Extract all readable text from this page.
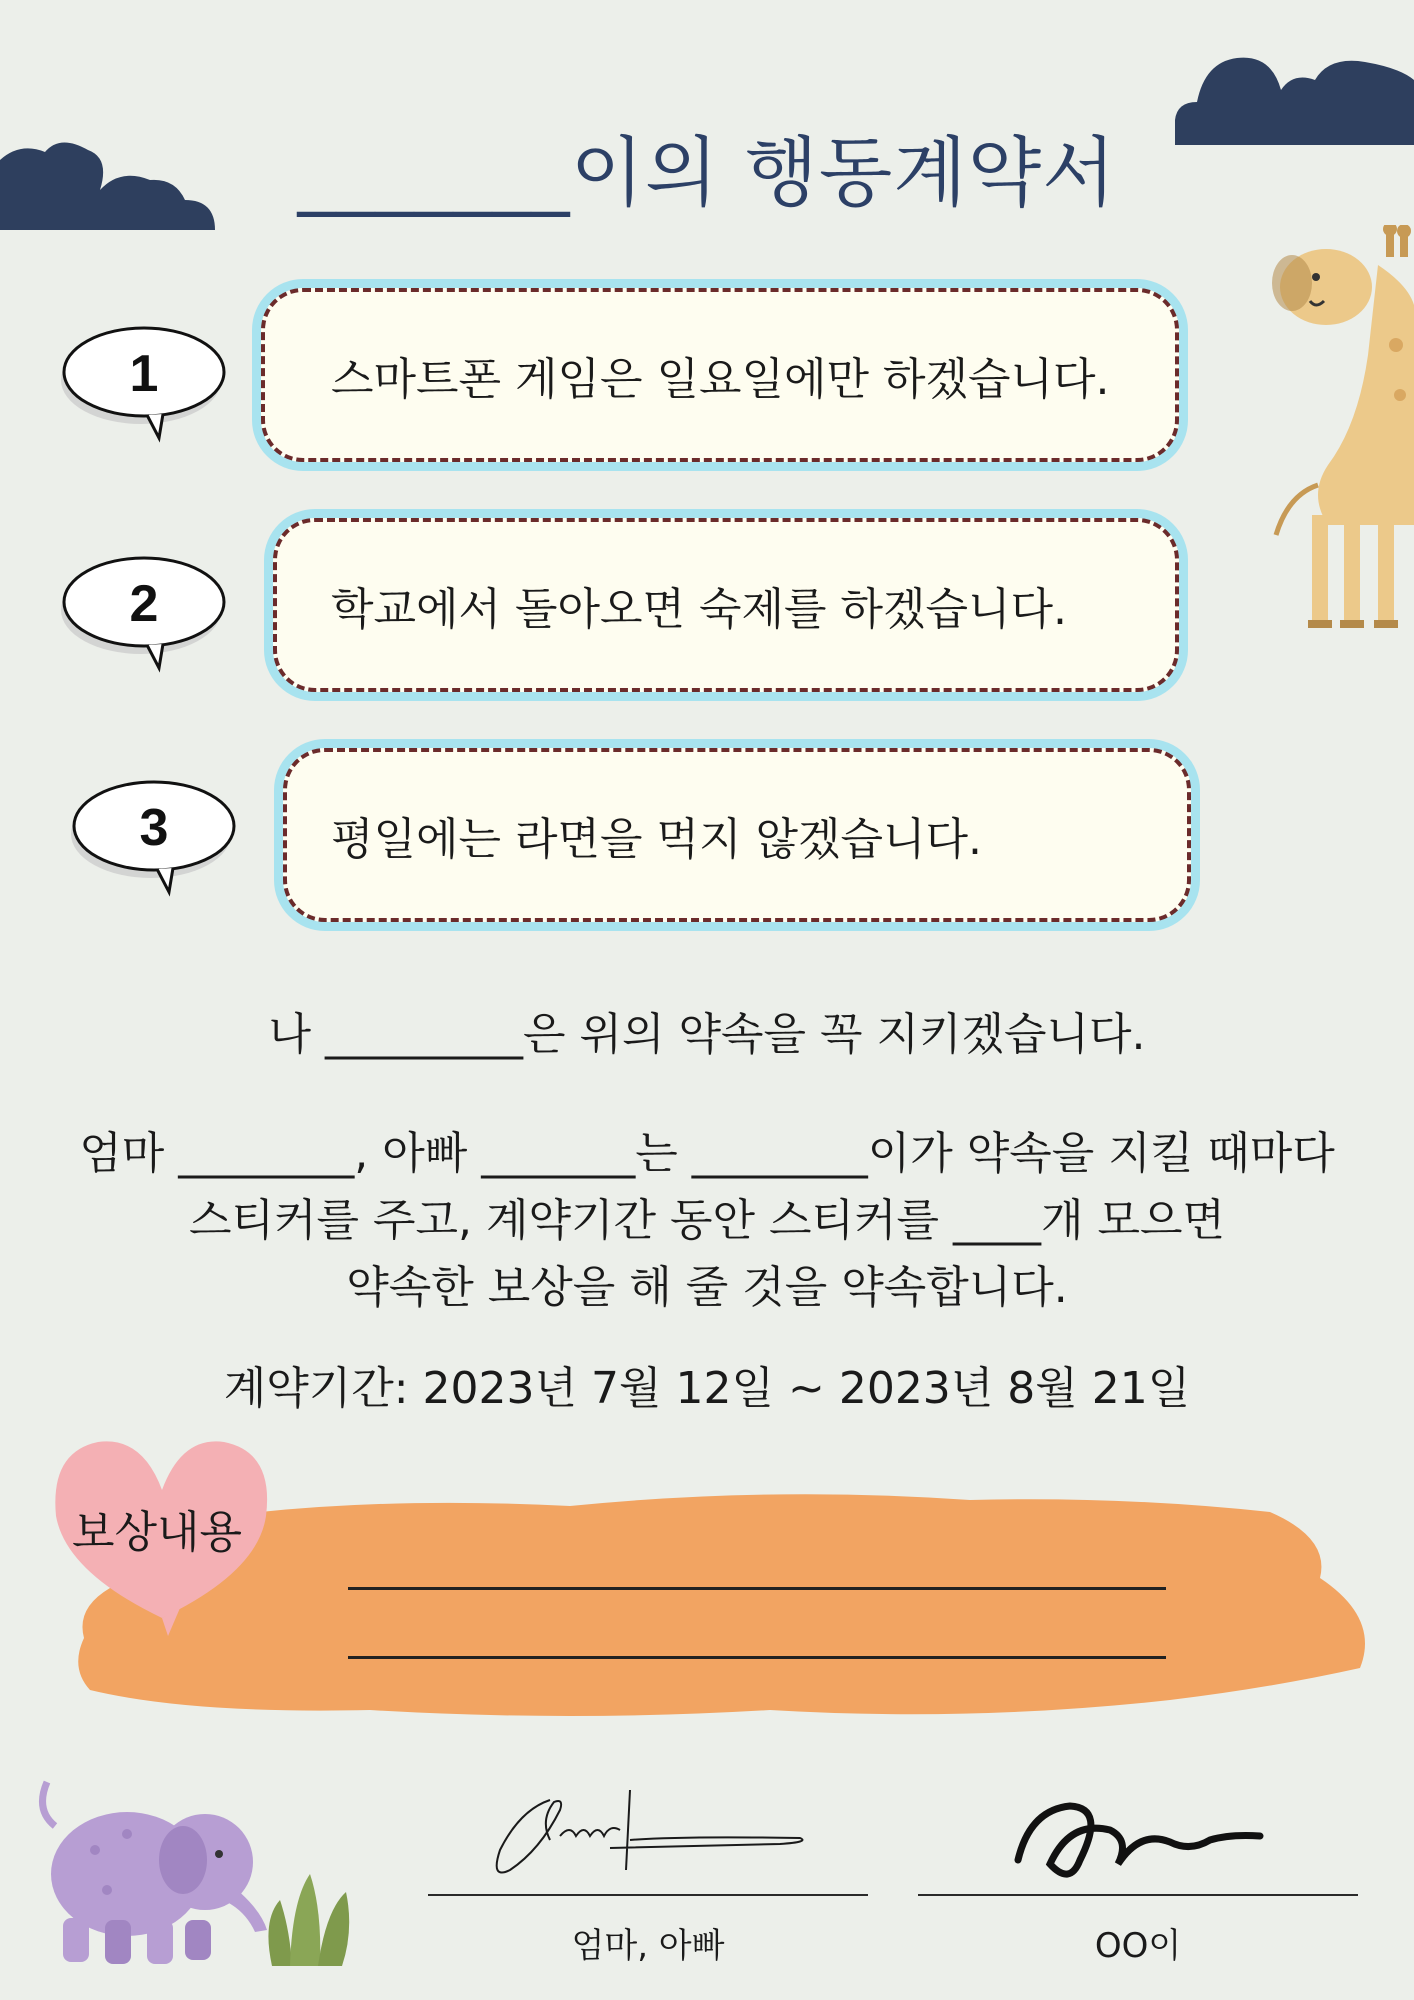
_______이의 행동계약서
1
2
3
스마트폰 게임은 일요일에만 하겠습니다.
학교에서 돌아오면 숙제를 하겠습니다.
평일에는 라면을 먹지 않겠습니다.
나 _________은 위의 약속을 꼭 지키겠습니다.
엄마 ________, 아빠 _______는 ________이가 약속을 지킬 때마다
스티커를 주고, 계약기간 동안 스티커를 ____개 모으면
약속한 보상을 해 줄 것을 약속합니다.
계약기간: 2023년 7월 12일 ~ 2023년 8월 21일
보상내용
엄마, 아빠	OO이
